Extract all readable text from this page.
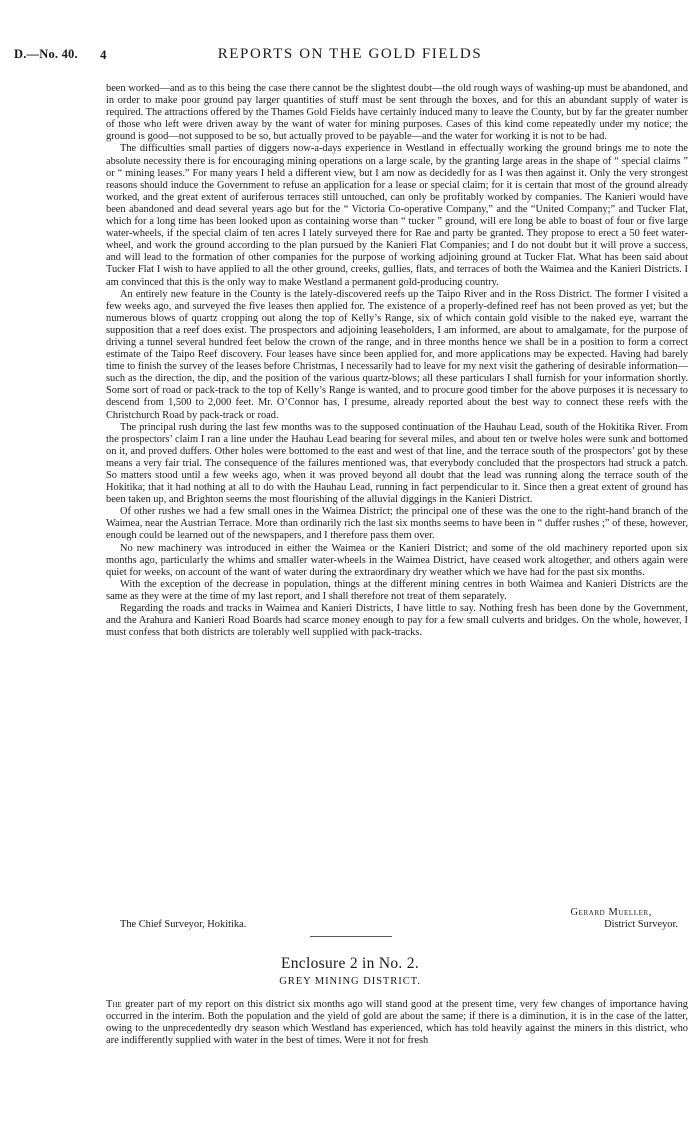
D.—No. 40. 4	REPORTS ON THE GOLD FIELDS

been worked—and as to this being the case there cannot be the slightest doubt—the old rough ways of washing-up must be abandoned, and in order to make poor ground pay larger quantities of stuff must be sent through the boxes, and for this an abundant supply of water is required. The attractions offered by the Thames Gold Fields have certainly induced many to leave the County, but by far the greater number of those who left were driven away by the want of water for mining purposes. Cases of this kind come repeatedly under my notice; the ground is good—not supposed to be so, but actually proved to be payable—and the water for working it is not to be had.

The difficulties small parties of diggers now-a-days experience in Westland in effectually working the ground brings me to note the absolute necessity there is for encouraging mining operations on a large scale, by the granting large areas in the shape of “ special claims ” or “ mining leases.” For many years I held a different view, but I am now as decidedly for as I was then against it. Only the very strongest reasons should induce the Government to refuse an application for a lease or special claim; for it is certain that most of the ground already worked, and the great extent of auriferous terraces still untouched, can only be profitably worked by companies. The Kanieri would have been abandoned and dead several years ago but for the “ Victoria Co-operative Company,” and the “United Company;” and Tucker Flat, which for a long time has been looked upon as containing worse than “ tucker ” ground, will ere long be able to boast of four or five large water-wheels, if the special claim of ten acres I lately surveyed there for Rae and party be granted. They propose to erect a 50 feet water-wheel, and work the ground according to the plan pursued by the Kanieri Flat Companies; and I do not doubt but it will prove a success, and will lead to the formation of other companies for the purpose of working adjoining ground at Tucker Flat. What has been said about Tucker Flat I wish to have applied to all the other ground, creeks, gullies, flats, and terraces of both the Waimea and the Kanieri Districts. I am convinced that this is the only way to make Westland a permanent gold-producing country.

An entirely new feature in the County is the lately-discovered reefs up the Taipo River and in the Ross District. The former I visited a few weeks ago, and surveyed the five leases then applied for. The existence of a properly-defined reef has not been proved as yet; but the numerous blows of quartz cropping out along the top of Kelly’s Range, six of which contain gold visible to the naked eye, warrant the supposition that a reef does exist. The prospectors and adjoining leaseholders, I am informed, are about to amalgamate, for the purpose of driving a tunnel several hundred feet below the crown of the range, and in three months hence we shall be in a position to form a correct estimate of the Taipo Reef discovery. Four leases have since been applied for, and more applications may be expected. Having had barely time to finish the survey of the leases before Christmas, I necessarily had to leave for my next visit the gathering of desirable information—such as the direction, the dip, and the position of the various quartz-blows; all these particulars I shall furnish for your information shortly. Some sort of road or pack-track to the top of Kelly’s Range is wanted, and to procure good timber for the above purposes it is necessary to descend from 1,500 to 2,000 feet. Mr. O’Connor has, I presume, already reported about the best way to connect these reefs with the Christchurch Road by pack-track or road.

The principal rush during the last few months was to the supposed continuation of the Hauhau Lead, south of the Hokitika River. From the prospectors’ claim I ran a line under the Hauhau Lead bearing for several miles, and about ten or twelve holes were sunk and bottomed on it, and proved duffers. Other holes were bottomed to the east and west of that line, and the terrace south of the prospectors’ got by these means a very fair trial. The consequence of the failures mentioned was, that everybody concluded that the prospectors had struck a patch. So matters stood until a few weeks ago, when it was proved beyond all doubt that the lead was running along the terrace south of the Hokitika; that it had nothing at all to do with the Hauhau Lead, running in fact perpendicular to it. Since then a great extent of ground has been taken up, and Brighton seems the most flourishing of the alluvial diggings in the Kanieri District.

Of other rushes we had a few small ones in the Waimea District; the principal one of these was the one to the right-hand branch of the Waimea, near the Austrian Terrace. More than ordinarily rich the last six months seems to have been in “ duffer rushes ;” of these, however, enough could be learned out of the newspapers, and I therefore pass them over.

No new machinery was introduced in either the Waimea or the Kanieri District; and some of the old machinery reported upon six months ago, particularly the whims and smaller water-wheels in the Waimea District, have ceased work altogether, and others again were quiet for weeks, on account of the want of water during the extraordinary dry weather which we have had for the past six months.

With the exception of the decrease in population, things at the different mining centres in both Waimea and Kanieri Districts are the same as they were at the time of my last report, and I shall therefore not treat of them separately.

Regarding the roads and tracks in Waimea and Kanieri Districts, I have little to say. Nothing fresh has been done by the Government, and the Arahura and Kanieri Road Boards had scarce money enough to pay for a few small culverts and bridges. On the whole, however, I must confess that both districts are tolerably well supplied with pack-tracks.

Gerard Mueller,
The Chief Surveyor, Hokitika.	District Surveyor.
Enclosure 2 in No. 2.
GREY MINING DISTRICT.

The greater part of my report on this district six months ago will stand good at the present time, very few changes of importance having occurred in the interim. Both the population and the yield of gold are about the same; if there is a diminution, it is in the case of the latter, owing to the unprecedentedly dry season which Westland has experienced, which has told heavily against the miners in this district, who are indifferently supplied with water in the best of times. Were it not for fresh
